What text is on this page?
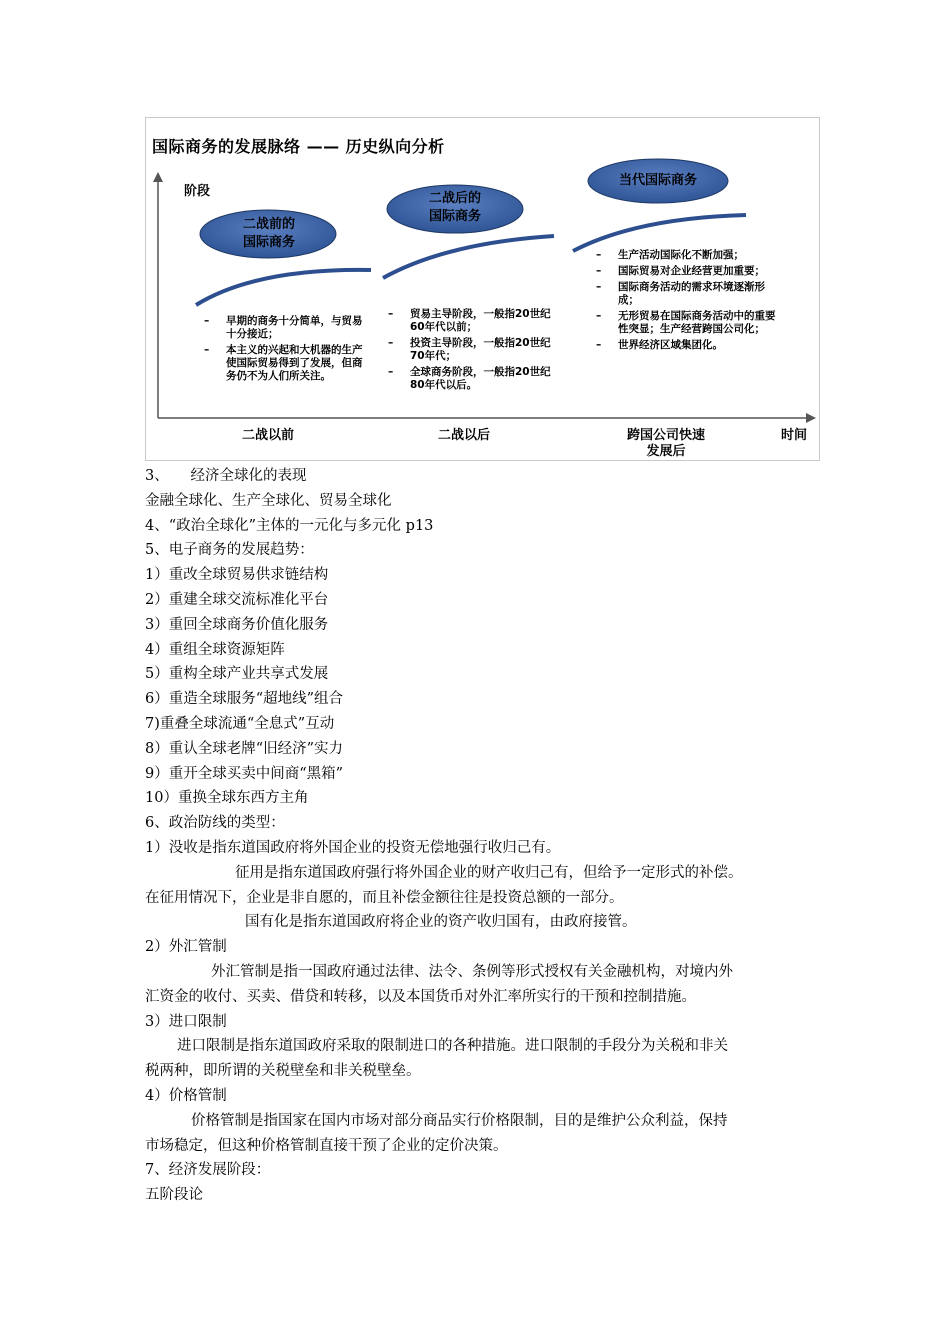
国际商务的发展脉络 —— 历史纵向分析
阶段
二战前的
国际商务
二战后的
国际商务
当代国际商务
– 早期的商务十分简单，与贸易十分接近；
– 本主义的兴起和大机器的生产使国际贸易得到了发展，但商务仍不为人们所关注。
– 贸易主导阶段，一般指20世纪60年代以前；
– 投资主导阶段，一般指20世纪70年代；
– 全球商务阶段，一般指20世纪80年代以后。
– 生产活动国际化不断加强；
– 国际贸易对企业经营更加重要；
– 国际商务活动的需求环境逐渐形成；
– 无形贸易在国际商务活动中的重要性突显；生产经营跨国公司化；
– 世界经济区域集团化。
二战以前	二战以后	跨国公司快速
发展后
时间
3、　　经济全球化的表现
金融全球化、生产全球化、贸易全球化
4、“政治全球化”主体的一元化与多元化 p13
5、电子商务的发展趋势：
1）重改全球贸易供求链结构
2）重建全球交流标准化平台
3）重回全球商务价值化服务
4）重组全球资源矩阵
5）重构全球产业共享式发展
6）重造全球服务“超地线”组合
7)重叠全球流通“全息式”互动
8）重认全球老牌“旧经济”实力
9）重开全球买卖中间商“黑箱”
10）重换全球东西方主角
6、政治防线的类型：
1）没收是指东道国政府将外国企业的投资无偿地强行收归己有。
征用是指东道国政府强行将外国企业的财产收归己有，但给予一定形式的补偿。
在征用情况下，企业是非自愿的，而且补偿金额往往是投资总额的一部分。
国有化是指东道国政府将企业的资产收归国有，由政府接管。
2）外汇管制
外汇管制是指一国政府通过法律、法令、条例等形式授权有关金融机构，对境内外
汇资金的收付、买卖、借贷和转移，以及本国货币对外汇率所实行的干预和控制措施。
3）进口限制
进口限制是指东道国政府采取的限制进口的各种措施。进口限制的手段分为关税和非关
税两种，即所谓的关税壁垒和非关税壁垒。
4）价格管制
价格管制是指国家在国内市场对部分商品实行价格限制，目的是维护公众利益，保持
市场稳定，但这种价格管制直接干预了企业的定价决策。
7、经济发展阶段：
五阶段论
